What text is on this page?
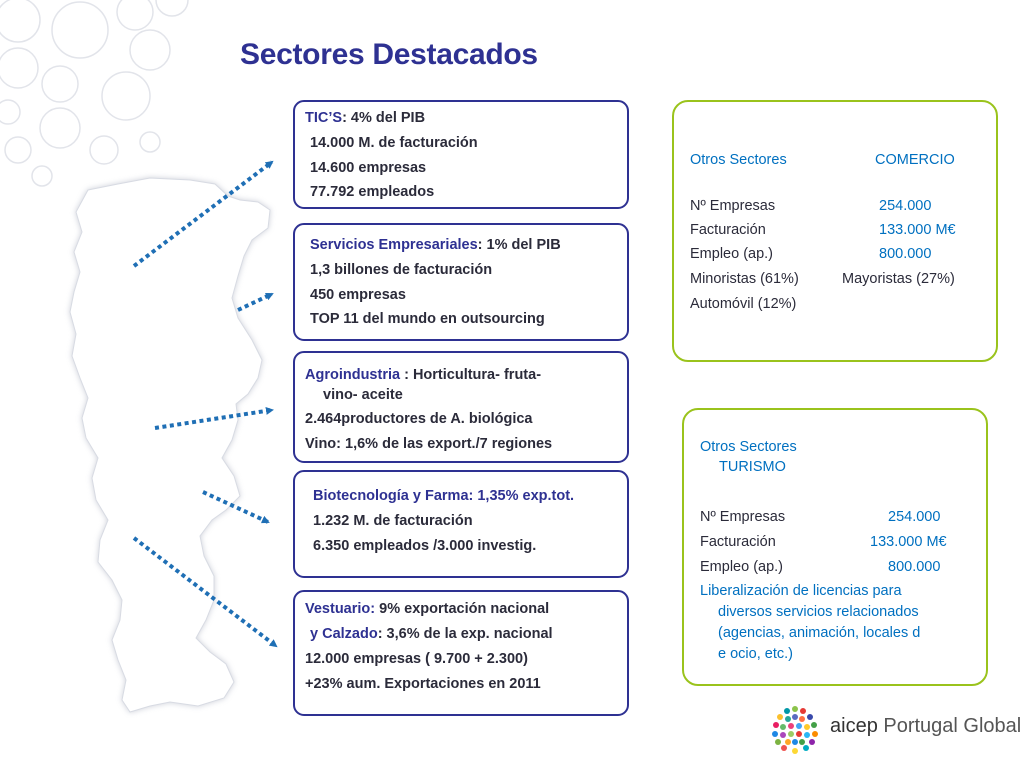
Sectores Destacados
TIC’S: 4% del PIB
14.000 M. de facturación
14.600 empresas
77.792 empleados
Servicios Empresariales: 1% del PIB
1,3 billones de facturación
450 empresas
TOP 11 del mundo en outsourcing
Agroindustria : Horticultura- fruta-
vino- aceite
2.464productores de A. biológica
Vino: 1,6% de las export./7 regiones
Biotecnología y Farma: 1,35% exp.tot.
1.232 M. de facturación
6.350 empleados /3.000 investig.
Vestuario: 9% exportación nacional
y Calzado: 3,6% de la exp. nacional
12.000 empresas ( 9.700 + 2.300)
+23% aum. Exportaciones en 2011
Otros Sectores	COMERCIO
Nº Empresas	254.000
Facturación	133.000 M€
Empleo (ap.)	800.000
Minoristas (61%)	Mayoristas (27%)
Automóvil (12%)
Otros Sectores
TURISMO
Nº Empresas	254.000
Facturación	133.000 M€
Empleo (ap.)	800.000
Liberalización de licencias para
diversos servicios relacionados
(agencias, animación, locales d
e ocio, etc.)
aicep Portugal Global
